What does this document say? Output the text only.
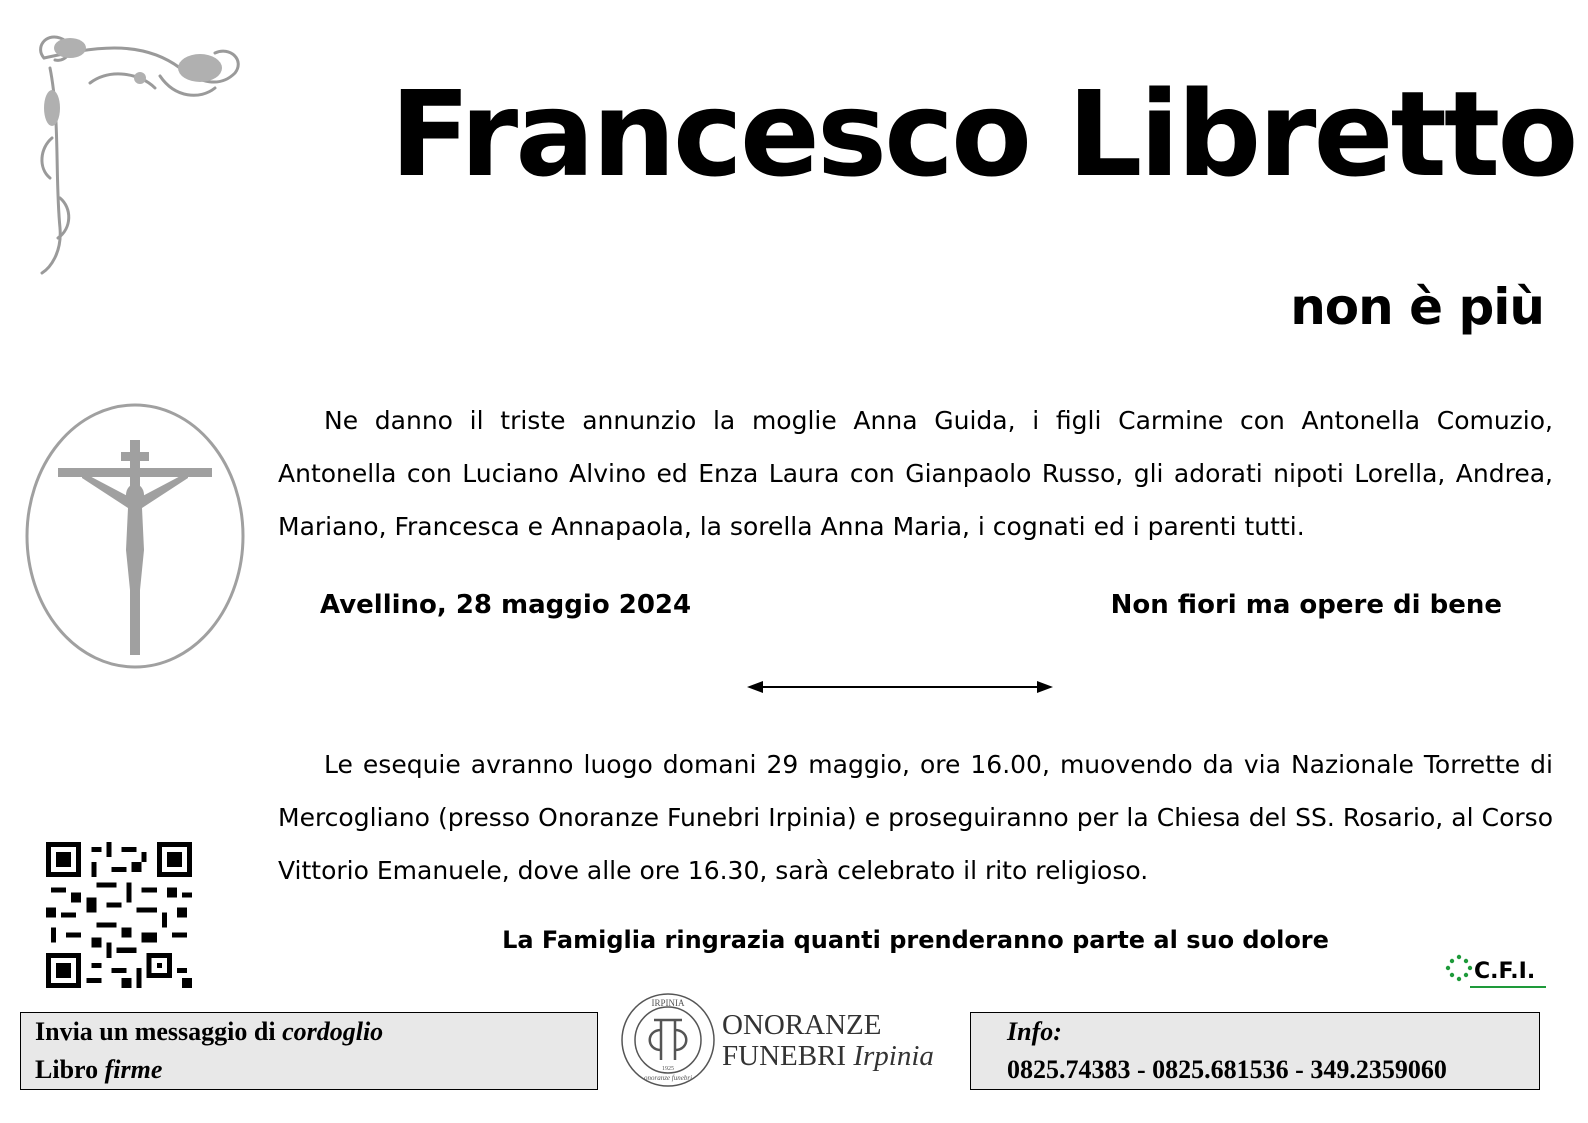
Francesco Libretto
non è più
Ne danno il triste annunzio la moglie Anna Guida, i figli Carmine con Antonella Comuzio, Antonella con Luciano Alvino ed Enza Laura con Gianpaolo Russo, gli adorati nipoti Lorella, Andrea, Mariano, Francesca e Annapaola, la sorella Anna Maria, i cognati ed i parenti tutti.
Avellino, 28 maggio 2024	Non fiori ma opere di bene
Le esequie avranno luogo domani 29 maggio, ore 16.00, muovendo da via Nazionale Torrette di Mercogliano (presso Onoranze Funebri Irpinia) e proseguiranno per la Chiesa del SS. Rosario, al Corso Vittorio Emanuele, dove alle ore 16.30, sarà celebrato il rito religioso.
La Famiglia ringrazia quanti prenderanno parte al suo dolore
C.F.I.
Invia un messaggio di cordoglio
Libro firme
IRPINIA
onoranze funebri
1925
ONORANZE
FUNEBRI Irpinia
Info:
0825.74383 - 0825.681536 - 349.2359060
